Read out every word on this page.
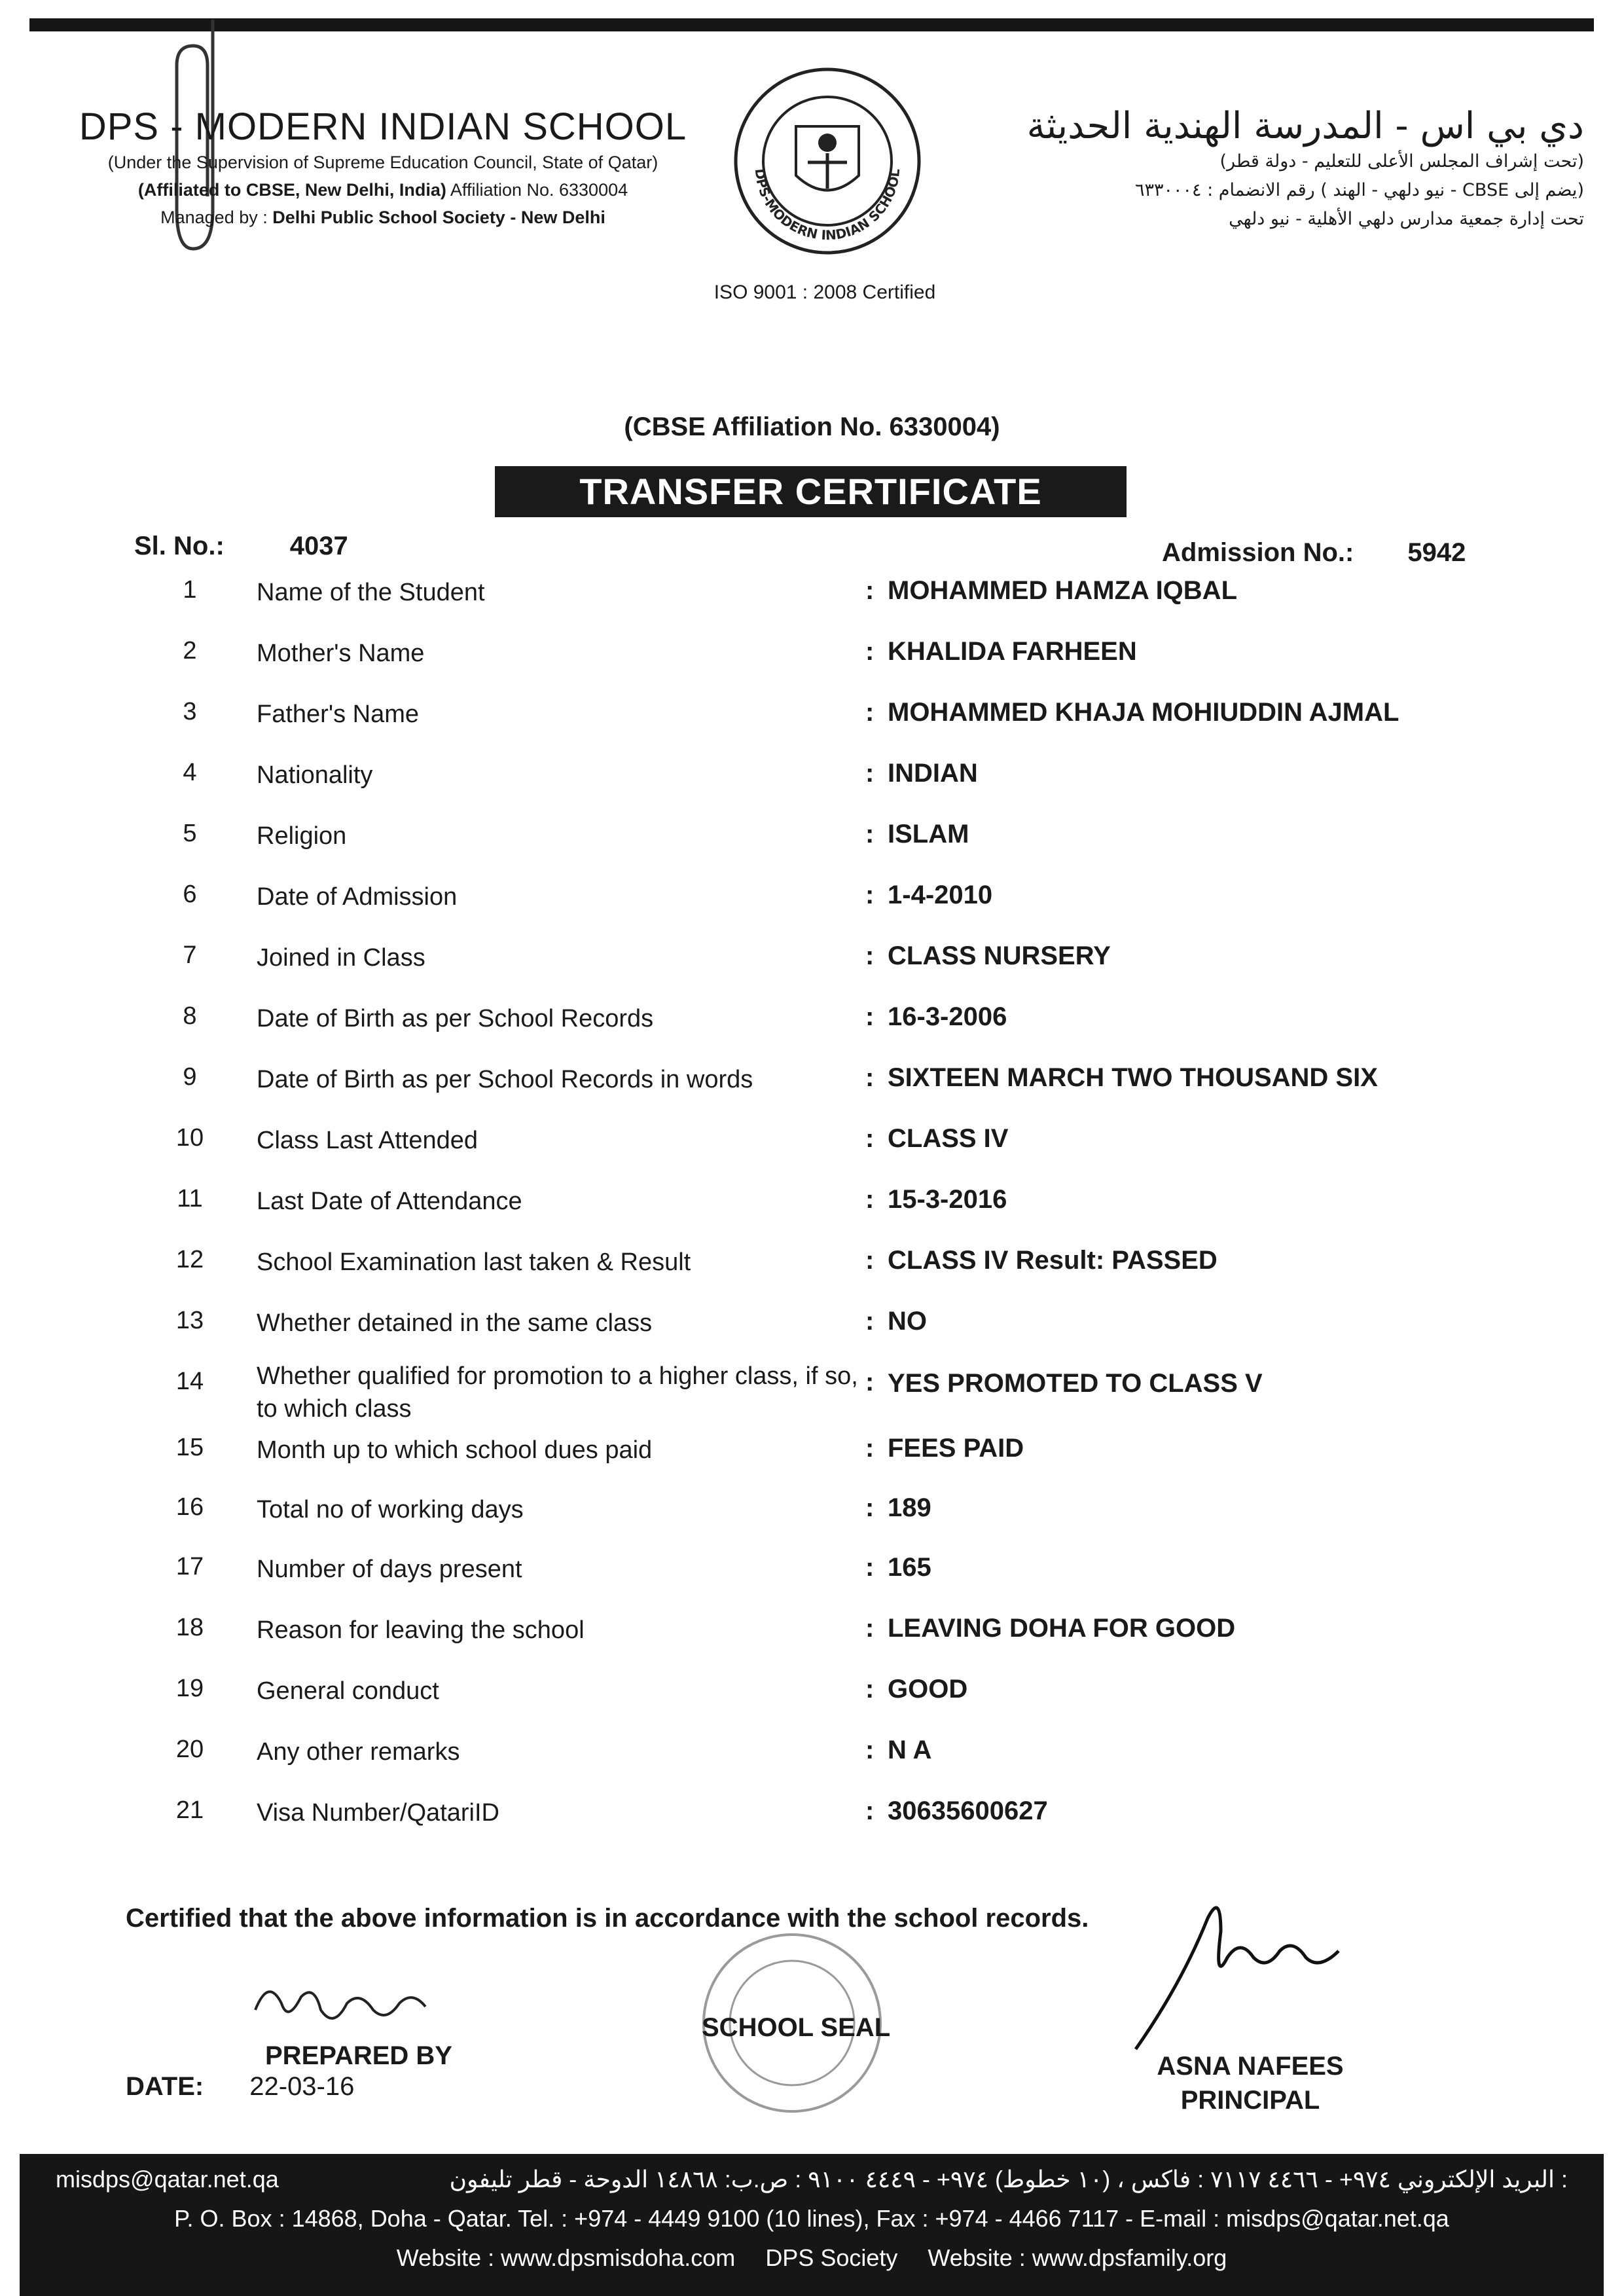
DPS - MODERN INDIAN SCHOOL
(Under the Supervision of Supreme Education Council, State of Qatar)
(Affiliated to CBSE, New Delhi, India) Affiliation No. 6330004
Managed by : Delhi Public School Society - New Delhi
DPS-MODERN INDIAN SCHOOL
ISO 9001 : 2008 Certified
دي بي اس - المدرسة الهندية الحديثة
(تحت إشراف المجلس الأعلى للتعليم - دولة قطر)
(يضم إلى CBSE - نيو دلهي - الهند ) رقم الانضمام : ٦٣٣٠٠٠٤
تحت إدارة جمعية مدارس دلهي الأهلية - نيو دلهي
(CBSE Affiliation No. 6330004)
TRANSFER CERTIFICATE
Sl. No.:	4037	Admission No.: 5942
1	Name of the Student	: MOHAMMED HAMZA IQBAL
2	Mother's Name	: KHALIDA FARHEEN
3	Father's Name	: MOHAMMED KHAJA MOHIUDDIN AJMAL
4	Nationality	: INDIAN
5	Religion	: ISLAM
6	Date of Admission	: 1-4-2010
7	Joined in Class	: CLASS NURSERY
8	Date of Birth as per School Records	: 16-3-2006
9	Date of Birth as per School Records in words	: SIXTEEN MARCH TWO THOUSAND SIX
10	Class Last Attended	: CLASS IV
11	Last Date of Attendance	: 15-3-2016
12	School Examination last taken & Result	: CLASS IV Result: PASSED
13	Whether detained in the same class	: NO
14	Whether qualified for promotion to a higher class, if so, to which class
: YES PROMOTED TO CLASS V
15	Month up to which school dues paid	: FEES PAID
16	Total no of working days	: 189
17	Number of days present	: 165
18	Reason for leaving the school	: LEAVING DOHA FOR GOOD
19	General conduct	: GOOD
20	Any other remarks	: N A
21	Visa Number/QatariID	: 30635600627
Certified that the above information is in accordance with the school records.
SCHOOL SEAL
PREPARED BY
DATE: 22-03-16
ASNA NAFEES
PRINCIPAL
misdps@qatar.net.qa	: البريد الإلكتروني ٩٧٤+ - ٤٤٦٦ ٧١١٧ : فاكس ، (١٠ خطوط) ٩٧٤+ - ٤٤٤٩ ٩١٠٠ : ص.ب: ١٤٨٦٨ الدوحة - قطر تليفون
P. O. Box : 14868, Doha - Qatar. Tel. : +974 - 4449 9100 (10 lines), Fax : +974 - 4466 7117 - E-mail : misdps@qatar.net.qa
Website : www.dpsmisdoha.com DPS Society Website : www.dpsfamily.org
